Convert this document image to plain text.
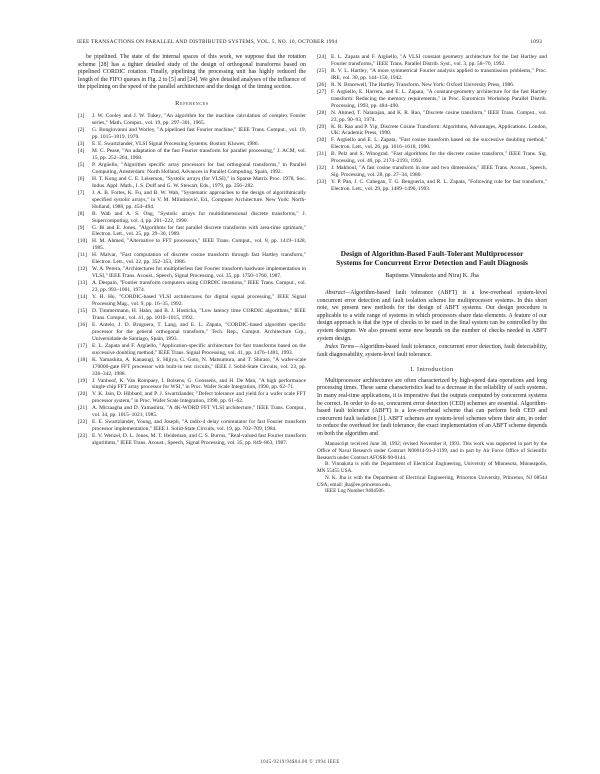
IEEE TRANSACTIONS ON PARALLEL AND DISTRIBUTED SYSTEMS, VOL. 5, NO. 10, OCTOBER 1994	1093

be pipelined. The state of the internal spaces of this work, we suppose that the rotation scheme [28] has a tighter detailed study of the design of orthogonal transforms based on pipelined CORDIC rotation. Finally, pipelining the processing unit has highly reduced the length of the FIFO queues in Fig. 2 to [5] and [24]. We give detailed analyses of the influence of the pipelining on the speed of the parallel architecture and the design of the timing section.

References
[1]	J. W. Cooley and J. W. Tukey, "An algorithm for the machine calculation of complex Fourier series," Math. Comput., vol. 19, pp. 297–301, 1965.
[2]	G. Bongiovanni and Worley, "A pipelined fast Fourier machine," IEEE Trans. Comput., vol. 19, pp. 1015–1019, 1970.
[3]	E. E. Swartzlander, VLSI Signal Processing Systems. Boston: Kluwer, 1986.
[4]	M. C. Pease, "An adaptation of the fast Fourier transform for parallel processing," J. ACM, vol. 15, pp. 252–264, 1968.
[5]	P. Argüello, "Algorithm specific array processors for fast orthogonal transforms," in Parallel Computing, Amsterdam: North Holland, Advances in Parallel Computing. Spain, 1992.
[6]	H. T. Kung and C. E. Leiserson, "Systolic arrays (for VLSI)," in Sparse Matrix Proc. 1978, Soc. Indus. Appl. Math., I. S. Duff and G. W. Stewart, Eds., 1979, pp. 256–282.
[7]	J. A. B. Fortes, K. Fu, and B. W. Wah, "Systematic approaches to the design of algorithmically specified systolic arrays," in V. M. Milutinović, Ed., Computer Architecture. New York: North-Holland, 1988, pp. 454–494.
[8]	B. Wah and A. S. Ong, "Systolic arrays for multidimensional discrete transforms," J. Supercomputing, vol. 4, pp. 201–222, 1990.
[9]	G. Bi and E. Jones, "Algorithms for fast parallel discrete transforms with area-time optimum," Electron. Lett., vol. 25, pp. 29–30, 1989.
[10] H. M. Ahmed, "Alternative to FFT processors," IEEE Trans. Comput., vol. 8, pp. 1419–1428, 1985.
[11] H. Malvar, "Fast computation of discrete cosine transform through fast Hartley transform," Electron. Lett., vol. 22, pp. 352–353, 1986.
[12] W. A. Perera, "Architectures for multiplierless fast Fourier transform hardware implementation in VLSI," IEEE Trans. Acoust., Speech, Signal Processing, vol. 35, pp. 1750–1760, 1987.
[13] A. Despain, "Fourier transform computers using CORDIC iterations," IEEE Trans. Comput., vol. 23, pp. 993–1001, 1974.
[14] Y. H. Hu, "CORDIC-based VLSI architectures for digital signal processing," IEEE Signal Processing Mag., vol. 9, pp. 16–35, 1992.
[15] D. Timmermann, H. Hahn, and B. J. Hosticka, "Low latency time CORDIC algorithms," IEEE Trans. Comput., vol. 41, pp. 1010–1015, 1992.
[16] E. Antelo, J. D. Bruguera, T. Lang, and E. L. Zapata, "CORDIC-based algorithm specific processor for the general orthogonal transform," Tech. Rep., Comput. Architecture Grp., Universidade de Santiago, Spain, 1993.
[17] E. L. Zapata and F. Argüello, "Application-specific architecture for fast transforms based on the successive doubling method," IEEE Trans. Signal Processing, vol. 41, pp. 1476–1481, 1993.
[18] K. Yamashita, A. Kanasugi, S. Hijiya, G. Goto, N. Matsumura, and T. Shirato, "A wafer-scale 170000-gate FFT processor with built-in test circuits," IEEE J. Solid-State Circuits, vol. 23, pp. 336–342, 1988.
[19] J. Vanhoof, K. Van Rompaey, I. Bolsens, G. Goossens, and H. De Man, "A high performance single-chip FFT array processor for WSI," in Proc. Wafer Scale Integration, 1990, pp. 62–71.
[20] V. K. Jain, D. Hibbard, and P. J. Swartzlander, "Defect tolerance and yield for a wafer scale FFT processor system," in Proc. Wafer Scale Integration, 1990, pp. 61–62.
[21] A. Mirzaagha and D. Yamashita, "A 4K-WORD FFT VLSI architecture," IEEE Trans. Comput., vol. 34, pp. 1015–1021, 1985.
[22] E. E. Swartzlander, Young, and Joseph, "A radix-4 delay commutator for fast Fourier transform processor implementation," IEEE J. Solid-State Circuits, vol. 19, pp. 702–709, 1984.
[23] E. V. Wenzel, D. L. Jones, M. T. Heideman, and C. S. Burrus, "Real-valued fast Fourier transform algorithms," IEEE Trans. Acoust., Speech, Signal Processing, vol. 35, pp. 849–863, 1987.
[24] E. L. Zapata and F. Argüello, "A VLSI constant geometry architecture for the fast Hartley and Fourier transforms," IEEE Trans. Parallel Distrib. Syst., vol. 3, pp. 58–70, 1992.
[25] R. V. L. Hartley, "A more symmetrical Fourier analysis applied to transmission problems," Proc. IRE, vol. 30, pp. 144–150, 1942.
[26] R. N. Bracewell, The Hartley Transform. New York: Oxford University Press, 1986.
[27] F. Argüello, E. Harrera, and E. L. Zapata, "A constant-geometry architecture for the fast Hartley transform: Reducing the memory requirements," in Proc. Euromicro Workshop Parallel Distrib. Processing, 1993, pp. 484–490.
[28] N. Ahmed, T. Natarajan, and K. R. Rao, "Discrete cosine transform," IEEE Trans. Comput., vol. 23, pp. 90–93, 1974.
[29] K. R. Rao and P. Yip, Discrete Cosine Transform: Algorithms, Advantages, Applications. London, UK: Academic Press, 1990.
[30] F. Argüello and E. L. Zapata, "Fast cosine transform based on the successive doubling method," Electron. Lett., vol. 26, pp. 1616–1618, 1990.
[31] B. Pelz and S. Winograd, "Fast algorithms for the discrete cosine transform," IEEE Trans. Sig. Processing, vol. 40, pp. 2174–2193, 1992.
[32] J. Makhoul, "A fast cosine transform in one and two dimensions," IEEE Trans. Acoust., Speech, Sig. Processing, vol. 28, pp. 27–34, 1980.
[33] Y. P. Pan, J. C. Cahegan, T. G. Bengueria, and R. L. Zapata, "Following rule for fast transform," Electron. Lett., vol. 29, pp. 1489–1490, 1993.
Design of Algorithm-Based Fault-Tolerant Multiprocessor Systems for Concurrent Error Detection and Fault Diagnosis
Baptisms Vinnakota and Niraj K. Jha

Abstract—Algorithm-based fault tolerance (ABFT) is a low-overhead system-level concurrent error detection and fault isolation scheme for multiprocessor systems. In this short note, we present new methods for the design of ABFT systems. Our design procedure is applicable to a wide range of systems in which processors share data elements. A feature of our design approach is that the type of checks to be used in the final system can be controlled by the system designer. We also present some new bounds on the number of checks needed in ABFT system design.

Index Terms—Algorithm-based fault tolerance, concurrent error detection, fault detectability, fault diagnosability, system-level fault tolerance.

I. Introduction

Multiprocessor architectures are often characterized by high-speed data operations and long processing times. These same characteristics lead to a decrease in the reliability of such systems. In many real-time applications, it is imperative that the outputs computed by concurrent systems be correct. In order to do so, concurrent error detection (CED) schemes are essential. Algorithm-based fault tolerance (ABFT) is a low-overhead scheme that can perform both CED and concurrent fault isolation [1]. ABFT schemes are system-level schemes where their aim, in order to reduce the overhead for fault tolerance, the exact implementation of an ABFT scheme depends on both the algorithm and

Manuscript received June 30, 1992; revised November 8, 1993. This work was supported in part by the Office of Naval Research under Contract N00014-91-J-1199, and in part by Air Force Office of Scientific Research under Contract AFOSR-90-0144.

B. Vinnakota is with the Department of Electrical Engineering, University of Minnesota, Minneapolis, MN 55455 USA.

N. K. Jha is with the Department of Electrical Engineering, Princeton University, Princeton, NJ 08544 USA; email: jha@ee.princeton.edu.

IEEE Log Number 9404506.

1045-9219/94$04.00 © 1994 IEEE
